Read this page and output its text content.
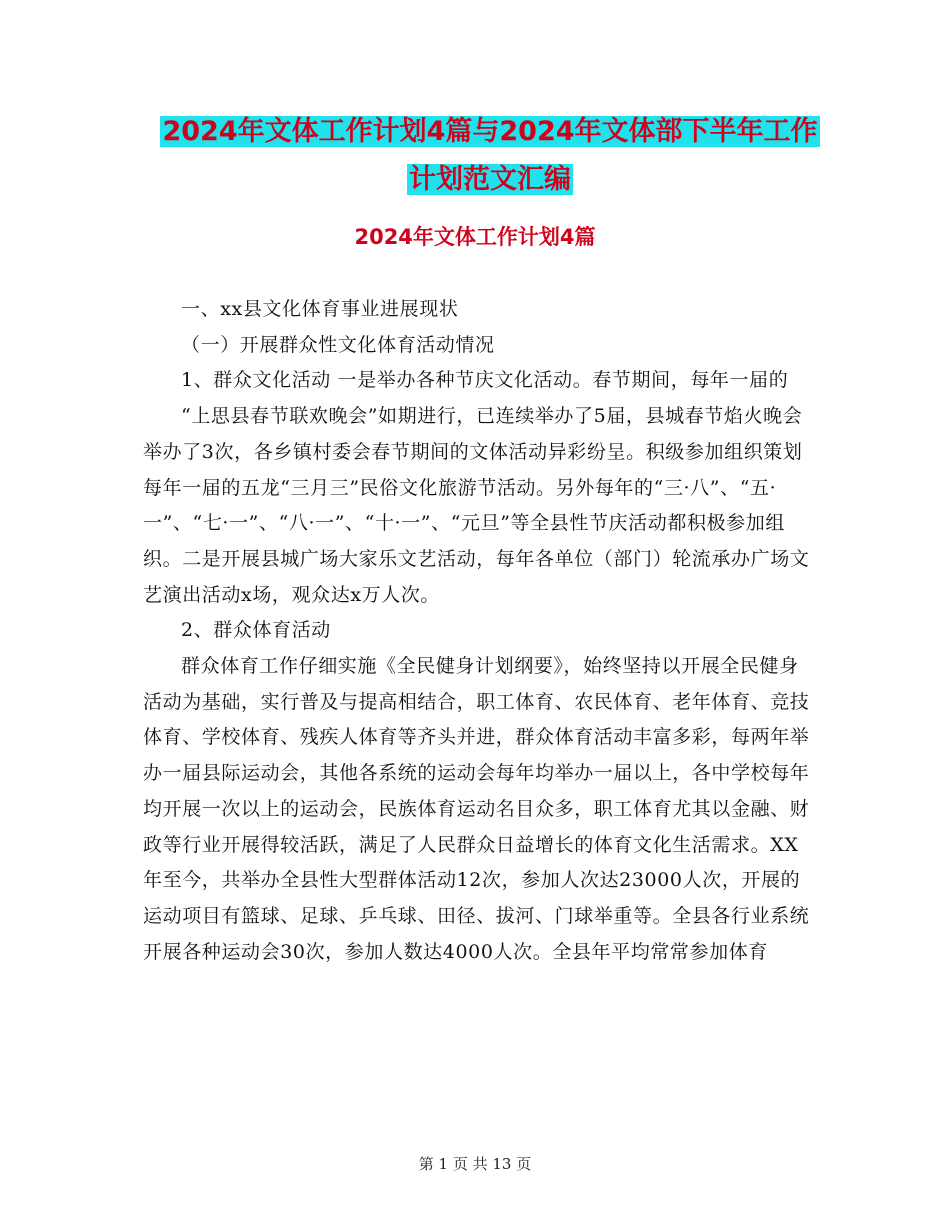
2024年文体工作计划4篇与2024年文体部下半年工作
计划范文汇编
2024年文体工作计划4篇

一、xx县文化体育事业进展现状

（一）开展群众性文化体育活动情况

1、群众文化活动 一是举办各种节庆文化活动。春节期间，每年一届的

“上思县春节联欢晚会”如期进行，已连续举办了5届，县城春节焰火晚会举办了3次，各乡镇村委会春节期间的文体活动异彩纷呈。积级参加组织策划每年一届的五龙“三月三”民俗文化旅游节活动。另外每年的“三·八”、“五·一”、“七·一”、“八·一”、“十·一”、“元旦”等全县性节庆活动都积极参加组织。二是开展县城广场大家乐文艺活动，每年各单位（部门）轮流承办广场文艺演出活动x场，观众达x万人次。

2、群众体育活动

群众体育工作仔细实施《全民健身计划纲要》，始终坚持以开展全民健身活动为基础，实行普及与提高相结合，职工体育、农民体育、老年体育、竞技体育、学校体育、残疾人体育等齐头并进，群众体育活动丰富多彩，每两年举办一届县际运动会，其他各系统的运动会每年均举办一届以上，各中学校每年均开展一次以上的运动会，民族体育运动名目众多，职工体育尤其以金融、财政等行业开展得较活跃，满足了人民群众日益增长的体育文化生活需求。XX年至今，共举办全县性大型群体活动12次，参加人次达23000人次，开展的运动项目有篮球、足球、乒乓球、田径、拔河、门球举重等。全县各行业系统开展各种运动会30次，参加人数达4000人次。全县年平均常常参加体育

第 1 页 共 13 页
